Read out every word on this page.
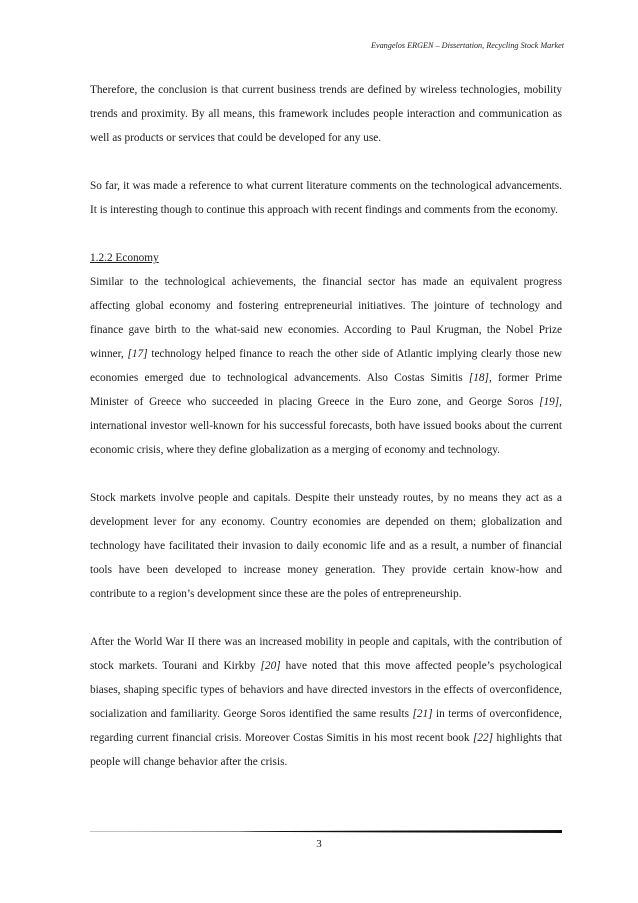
Evangelos ERGEN – Dissertation, Recycling Stock Market

Therefore, the conclusion is that current business trends are defined by wireless technologies, mobility trends and proximity. By all means, this framework includes people interaction and communication as well as products or services that could be developed for any use.

So far, it was made a reference to what current literature comments on the technological advancements. It is interesting though to continue this approach with recent findings and comments from the economy.

1.2.2 Economy

Similar to the technological achievements, the financial sector has made an equivalent progress affecting global economy and fostering entrepreneurial initiatives. The jointure of technology and finance gave birth to the what-said new economies. According to Paul Krugman, the Nobel Prize winner, [17] technology helped finance to reach the other side of Atlantic implying clearly those new economies emerged due to technological advancements. Also Costas Simitis [18], former Prime Minister of Greece who succeeded in placing Greece in the Euro zone, and George Soros [19], international investor well-known for his successful forecasts, both have issued books about the current economic crisis, where they define globalization as a merging of economy and technology.

Stock markets involve people and capitals. Despite their unsteady routes, by no means they act as a development lever for any economy. Country economies are depended on them; globalization and technology have facilitated their invasion to daily economic life and as a result, a number of financial tools have been developed to increase money generation. They provide certain know-how and contribute to a region’s development since these are the poles of entrepreneurship.

After the World War II there was an increased mobility in people and capitals, with the contribution of stock markets. Tourani and Kirkby [20] have noted that this move affected people’s psychological biases, shaping specific types of behaviors and have directed investors in the effects of overconfidence, socialization and familiarity. George Soros identified the same results [21] in terms of overconfidence, regarding current financial crisis. Moreover Costas Simitis in his most recent book [22] highlights that people will change behavior after the crisis.

3
